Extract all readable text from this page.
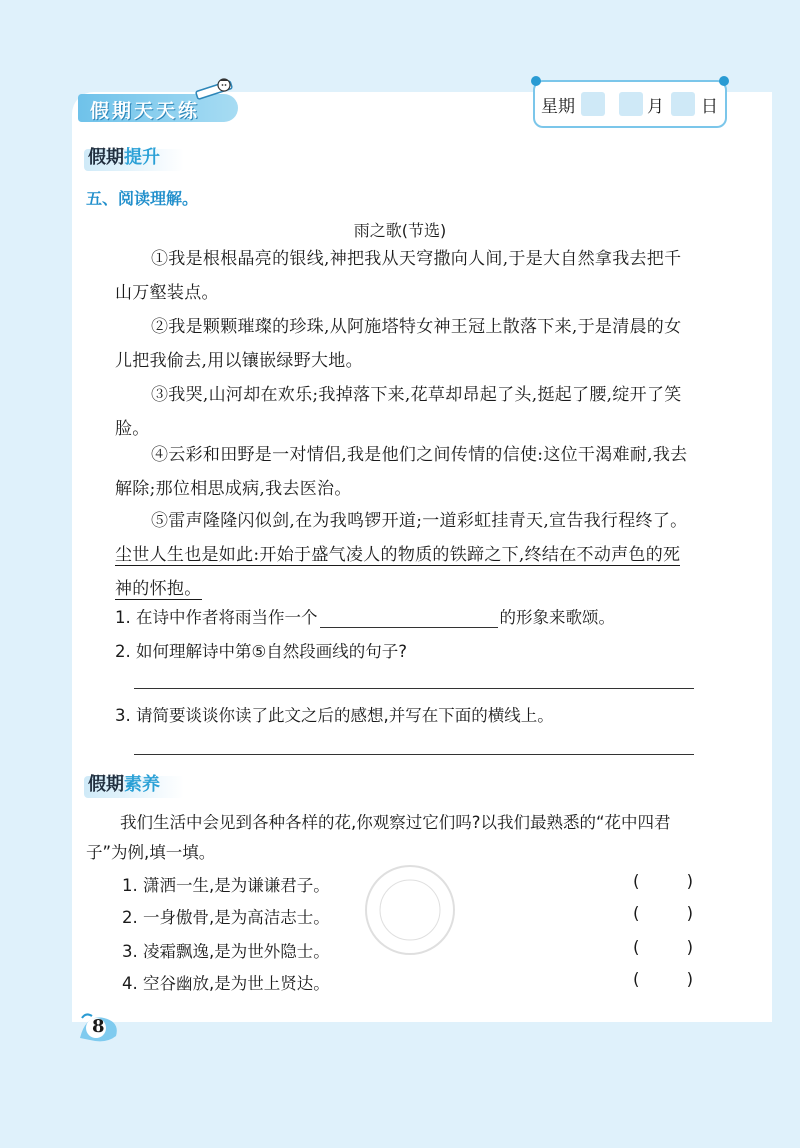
假期天天练	星期	月 日
假期提升
五、阅读理解。
雨之歌(节选)
①我是根根晶亮的银线,神把我从天穹撒向人间,于是大自然拿我去把千山万壑装点。
②我是颗颗璀璨的珍珠,从阿施塔特女神王冠上散落下来,于是清晨的女儿把我偷去,用以镶嵌绿野大地。
③我哭,山河却在欢乐;我掉落下来,花草却昂起了头,挺起了腰,绽开了笑脸。
④云彩和田野是一对情侣,我是他们之间传情的信使:这位干渴难耐,我去解除;那位相思成病,我去医治。
⑤雷声隆隆闪似剑,在为我鸣锣开道;一道彩虹挂青天,宣告我行程终了。尘世人生也是如此:开始于盛气凌人的物质的铁蹄之下,终结在不动声色的死神的怀抱。
1. 在诗中作者将雨当作一个	的形象来歌颂。
2. 如何理解诗中第⑤自然段画线的句子?
3. 请简要谈谈你读了此文之后的感想,并写在下面的横线上。
假期素养
我们生活中会见到各种各样的花,你观察过它们吗?以我们最熟悉的“花中四君子”为例,填一填。
1. 潇洒一生,是为谦谦君子。	(	)
2. 一身傲骨,是为高洁志士。	(	)
3. 凌霜飘逸,是为世外隐士。	(	)
4. 空谷幽放,是为世上贤达。	(	)
8
